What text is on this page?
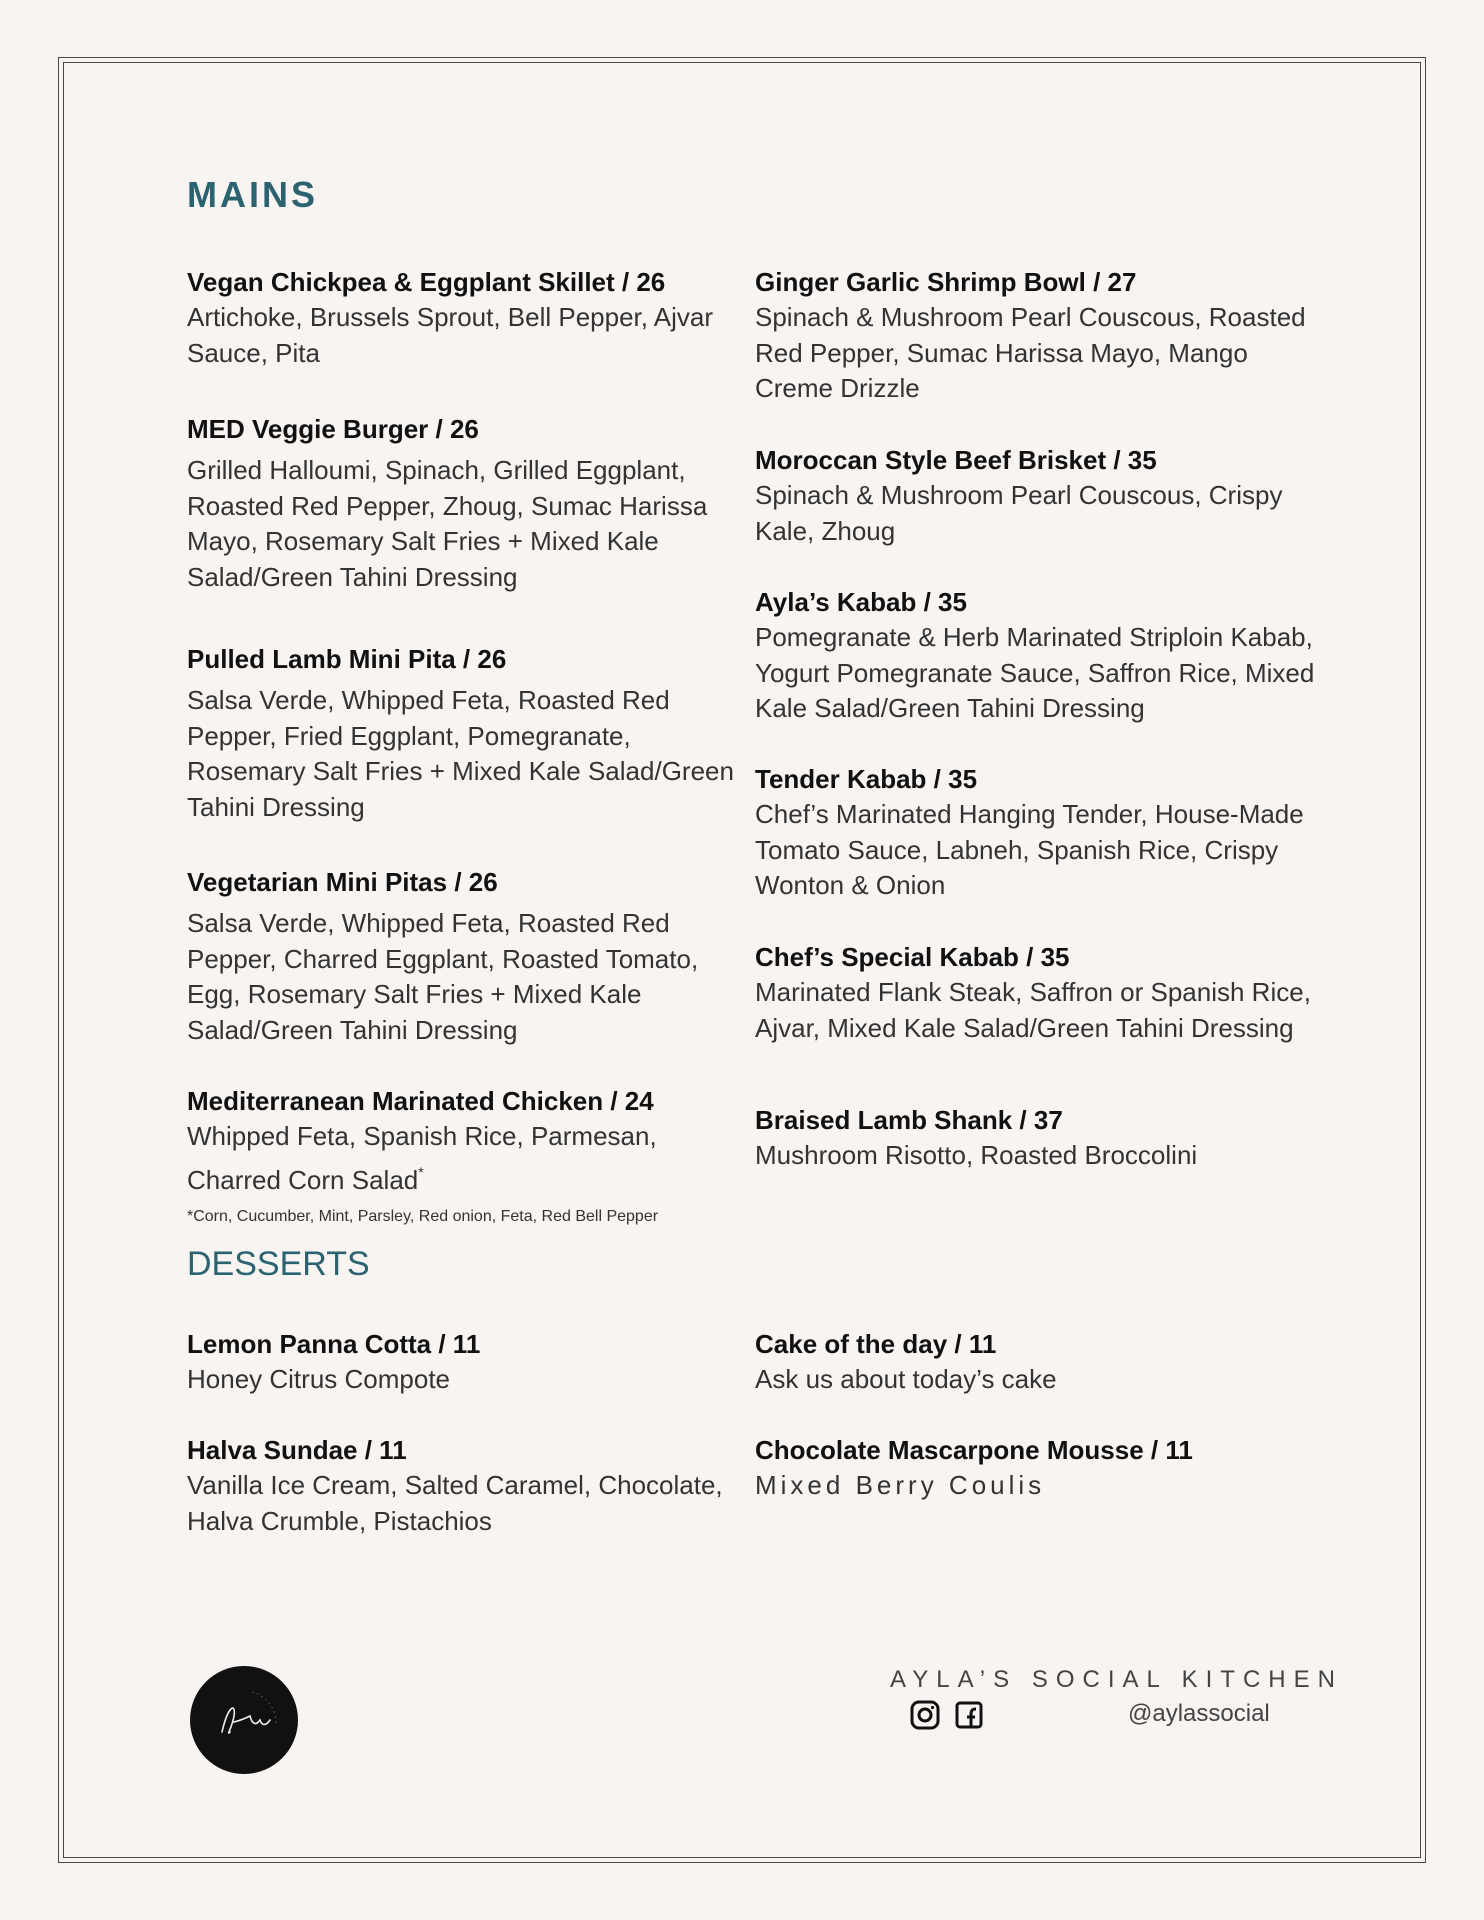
MAINS
Vegan Chickpea & Eggplant Skillet / 26
Artichoke, Brussels Sprout, Bell Pepper, Ajvar Sauce, Pita
MED Veggie Burger / 26
Grilled Halloumi, Spinach, Grilled Eggplant, Roasted Red Pepper, Zhoug, Sumac Harissa Mayo, Rosemary Salt Fries + Mixed Kale Salad/Green Tahini Dressing
Pulled Lamb Mini Pita / 26
Salsa Verde, Whipped Feta, Roasted Red Pepper, Fried Eggplant, Pomegranate, Rosemary Salt Fries + Mixed Kale Salad/Green Tahini Dressing
Vegetarian Mini Pitas / 26
Salsa Verde, Whipped Feta, Roasted Red Pepper, Charred Eggplant, Roasted Tomato, Egg, Rosemary Salt Fries + Mixed Kale Salad/Green Tahini Dressing
Mediterranean Marinated Chicken / 24
Whipped Feta, Spanish Rice, Parmesan, Charred Corn Salad*
*Corn, Cucumber, Mint, Parsley, Red onion, Feta, Red Bell Pepper
Ginger Garlic Shrimp Bowl / 27
Spinach & Mushroom Pearl Couscous, Roasted Red Pepper, Sumac Harissa Mayo, Mango Creme Drizzle
Moroccan Style Beef Brisket / 35
Spinach & Mushroom Pearl Couscous, Crispy Kale, Zhoug
Ayla’s Kabab / 35
Pomegranate & Herb Marinated Striploin Kabab, Yogurt Pomegranate Sauce, Saffron Rice, Mixed Kale Salad/Green Tahini Dressing
Tender Kabab / 35
Chef’s Marinated Hanging Tender, House-Made Tomato Sauce, Labneh, Spanish Rice, Crispy Wonton & Onion
Chef’s Special Kabab / 35
Marinated Flank Steak, Saffron or Spanish Rice, Ajvar, Mixed Kale Salad/Green Tahini Dressing
Braised Lamb Shank / 37
Mushroom Risotto, Roasted Broccolini
DESSERTS
Lemon Panna Cotta / 11
Honey Citrus Compote
Halva Sundae / 11
Vanilla Ice Cream, Salted Caramel, Chocolate, Halva Crumble, Pistachios
Cake of the day / 11
Ask us about today’s cake
Chocolate Mascarpone Mousse / 11
Mixed Berry Coulis
AYLA’S SOCIAL KITCHEN
@aylassocial
